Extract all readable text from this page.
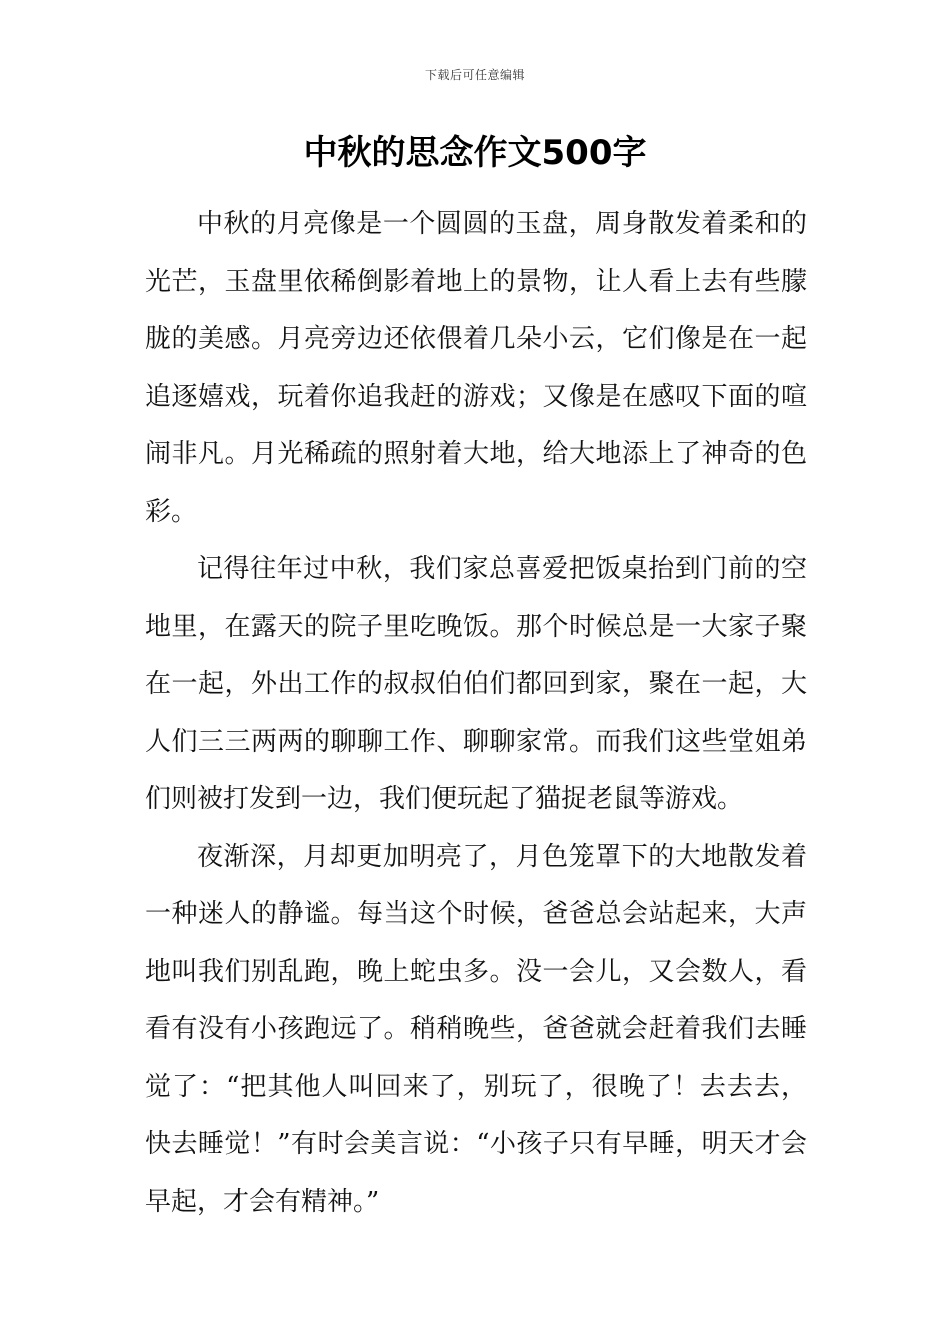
下载后可任意编辑
中秋的思念作文500字

中秋的月亮像是一个圆圆的玉盘，周身散发着柔和的光芒，玉盘里依稀倒影着地上的景物，让人看上去有些朦胧的美感。月亮旁边还依偎着几朵小云，它们像是在一起追逐嬉戏，玩着你追我赶的游戏；又像是在感叹下面的喧闹非凡。月光稀疏的照射着大地，给大地添上了神奇的色彩。

记得往年过中秋，我们家总喜爱把饭桌抬到门前的空地里，在露天的院子里吃晚饭。那个时候总是一大家子聚在一起，外出工作的叔叔伯伯们都回到家，聚在一起，大人们三三两两的聊聊工作、聊聊家常。而我们这些堂姐弟们则被打发到一边，我们便玩起了猫捉老鼠等游戏。

夜渐深，月却更加明亮了，月色笼罩下的大地散发着一种迷人的静谧。每当这个时候，爸爸总会站起来，大声地叫我们别乱跑，晚上蛇虫多。没一会儿，又会数人，看看有没有小孩跑远了。稍稍晚些，爸爸就会赶着我们去睡觉了：“把其他人叫回来了，别玩了，很晚了！去去去，快去睡觉！”有时会美言说：“小孩子只有早睡，明天才会早起，才会有精神。”
